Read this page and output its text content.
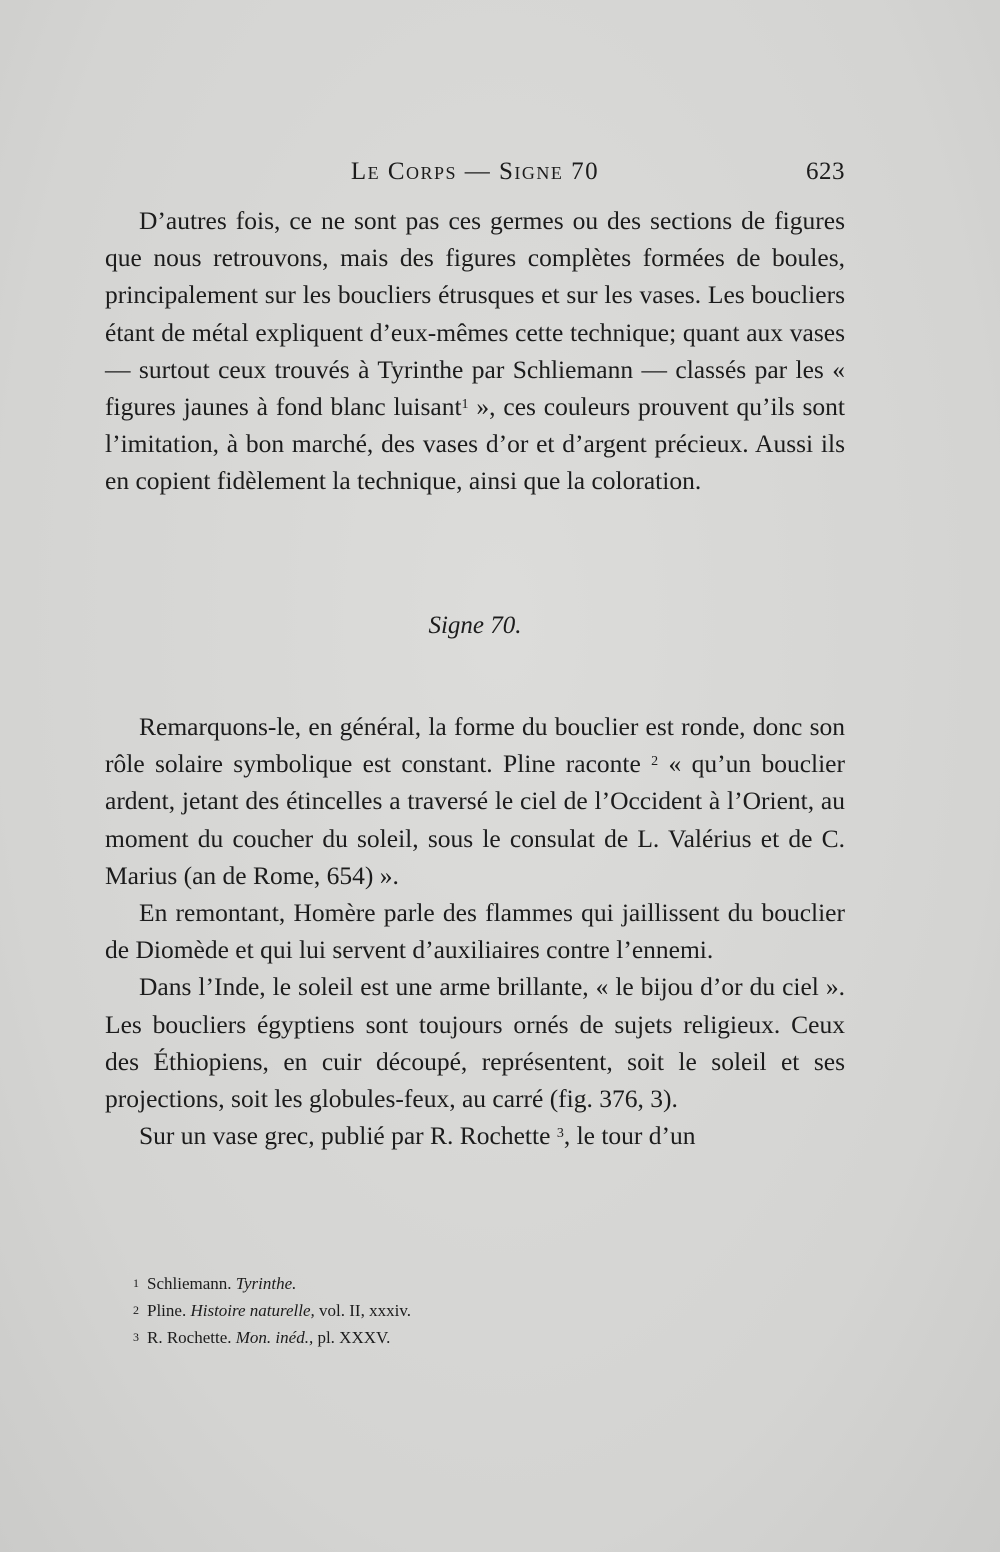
Le Corps — Signe 70	623

D’autres fois, ce ne sont pas ces germes ou des sections de figures que nous retrouvons, mais des figures complètes formées de boules, principalement sur les boucliers étrusques et sur les vases. Les boucliers étant de métal expliquent d’eux-mêmes cette technique; quant aux vases — surtout ceux trouvés à Tyrinthe par Schliemann — classés par les « figures jaunes à fond blanc luisant$^1$ », ces couleurs prouvent qu’ils sont l’imitation, à bon marché, des vases d’or et d’argent précieux. Aussi ils en copient fidèlement la technique, ainsi que la coloration.

Signe 70.

Remarquons-le, en général, la forme du bouclier est ronde, donc son rôle solaire symbolique est constant. Pline raconte $^2$ « qu’un bouclier ardent, jetant des étincelles a traversé le ciel de l’Occident à l’Orient, au moment du coucher du soleil, sous le consulat de L. Valérius et de C. Marius (an de Rome, 654) ».

En remontant, Homère parle des flammes qui jaillissent du bouclier de Diomède et qui lui servent d’auxiliaires contre l’ennemi.

Dans l’Inde, le soleil est une arme brillante, « le bijou d’or du ciel ». Les boucliers égyptiens sont toujours ornés de sujets religieux. Ceux des Éthiopiens, en cuir découpé, représentent, soit le soleil et ses projections, soit les globules-feux, au carré (fig. 376, 3).

Sur un vase grec, publié par R. Rochette $^3$, le tour d’un

1 Schliemann. Tyrinthe.
2 Pline. Histoire naturelle, vol. II, xxxiv.
3 R. Rochette. Mon. inéd., pl. XXXV.
